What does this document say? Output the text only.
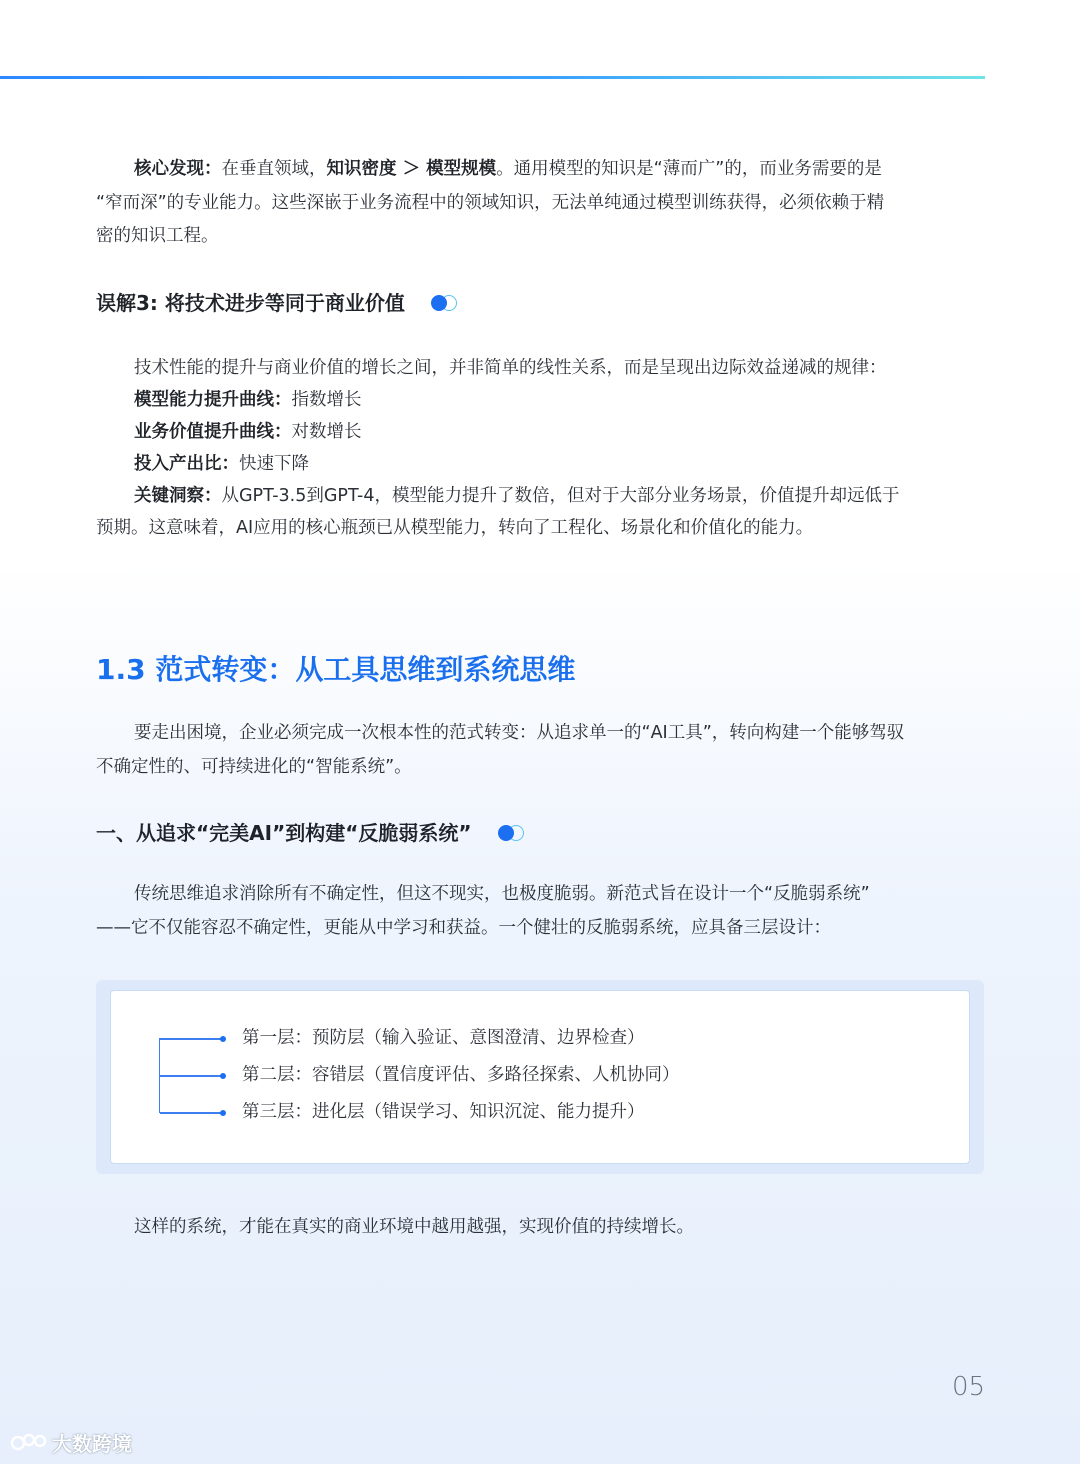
核心发现：在垂直领域，知识密度 ＞ 模型规模。通用模型的知识是“薄而广”的，而业务需要的是
“窄而深”的专业能力。这些深嵌于业务流程中的领域知识，无法单纯通过模型训练获得，必须依赖于精
密的知识工程。

误解3: 将技术进步等同于商业价值

技术性能的提升与商业价值的增长之间，并非简单的线性关系，而是呈现出边际效益递减的规律：
模型能力提升曲线：指数增长
业务价值提升曲线：对数增长
投入产出比：快速下降
关键洞察：从GPT-3.5到GPT-4，模型能力提升了数倍，但对于大部分业务场景，价值提升却远低于
预期。这意味着，AI应用的核心瓶颈已从模型能力，转向了工程化、场景化和价值化的能力。

1.3 范式转变：从工具思维到系统思维

要走出困境，企业必须完成一次根本性的范式转变：从追求单一的“AI工具”，转向构建一个能够驾驭
不确定性的、可持续进化的“智能系统”。

一、从追求“完美AI”到构建“反脆弱系统”

传统思维追求消除所有不确定性，但这不现实，也极度脆弱。新范式旨在设计一个“反脆弱系统”
——它不仅能容忍不确定性，更能从中学习和获益。一个健壮的反脆弱系统，应具备三层设计：

第一层：预防层（输入验证、意图澄清、边界检查）
第二层：容错层（置信度评估、多路径探索、人机协同）
第三层：进化层（错误学习、知识沉淀、能力提升）

这样的系统，才能在真实的商业环境中越用越强，实现价值的持续增长。

05
大数跨境
